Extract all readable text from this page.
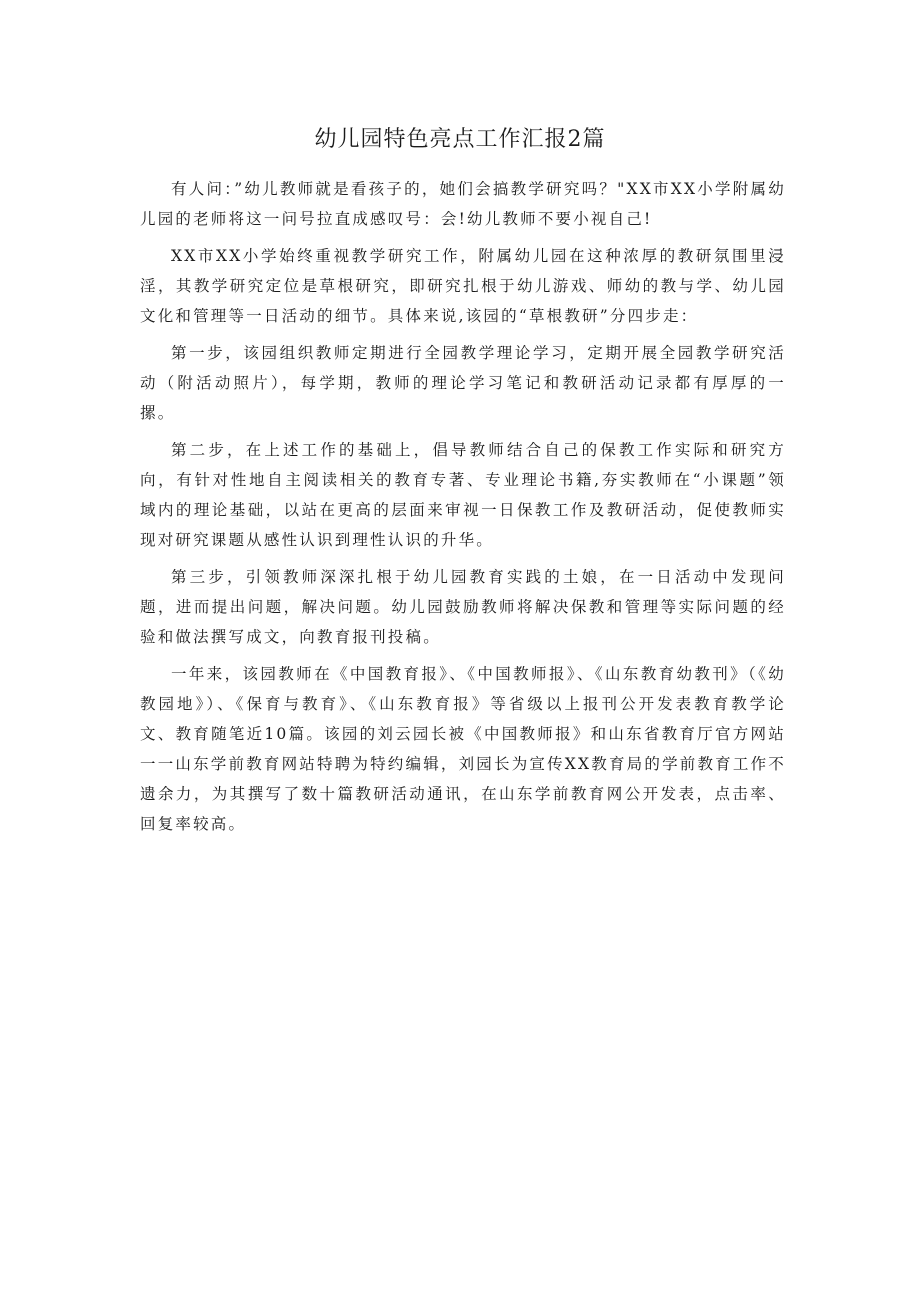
幼儿园特色亮点工作汇报2篇

有人问：”幼儿教师就是看孩子的，她们会搞教学研究吗？"XX市XX小学附属幼儿园的老师将这一问号拉直成感叹号：会!幼儿教师不要小视自己!

XX市XX小学始终重视教学研究工作，附属幼儿园在这种浓厚的教研氛围里浸淫，其教学研究定位是草根研究，即研究扎根于幼儿游戏、师幼的教与学、幼儿园文化和管理等一日活动的细节。具体来说,该园的“草根教研”分四步走：

第一步，该园组织教师定期进行全园教学理论学习，定期开展全园教学研究活动（附活动照片），每学期，教师的理论学习笔记和教研活动记录都有厚厚的一摞。

第二步，在上述工作的基础上，倡导教师结合自己的保教工作实际和研究方向，有针对性地自主阅读相关的教育专著、专业理论书籍,夯实教师在“小课题”领域内的理论基础，以站在更高的层面来审视一日保教工作及教研活动，促使教师实现对研究课题从感性认识到理性认识的升华。

第三步，引领教师深深扎根于幼儿园教育实践的土娘，在一日活动中发现问题，进而提出问题，解决问题。幼儿园鼓励教师将解决保教和管理等实际问题的经验和做法撰写成文，向教育报刊投稿。

一年来，该园教师在《中国教育报》、《中国教师报》、《山东教育幼教刊》（《幼教园地》）、《保育与教育》、《山东教育报》等省级以上报刊公开发表教育教学论文、教育随笔近10篇。该园的刘云园长被《中国教师报》和山东省教育厅官方网站一一山东学前教育网站特聘为特约编辑，刘园长为宣传XX教育局的学前教育工作不遗余力，为其撰写了数十篇教研活动通讯，在山东学前教育网公开发表，点击率、回复率较高。
